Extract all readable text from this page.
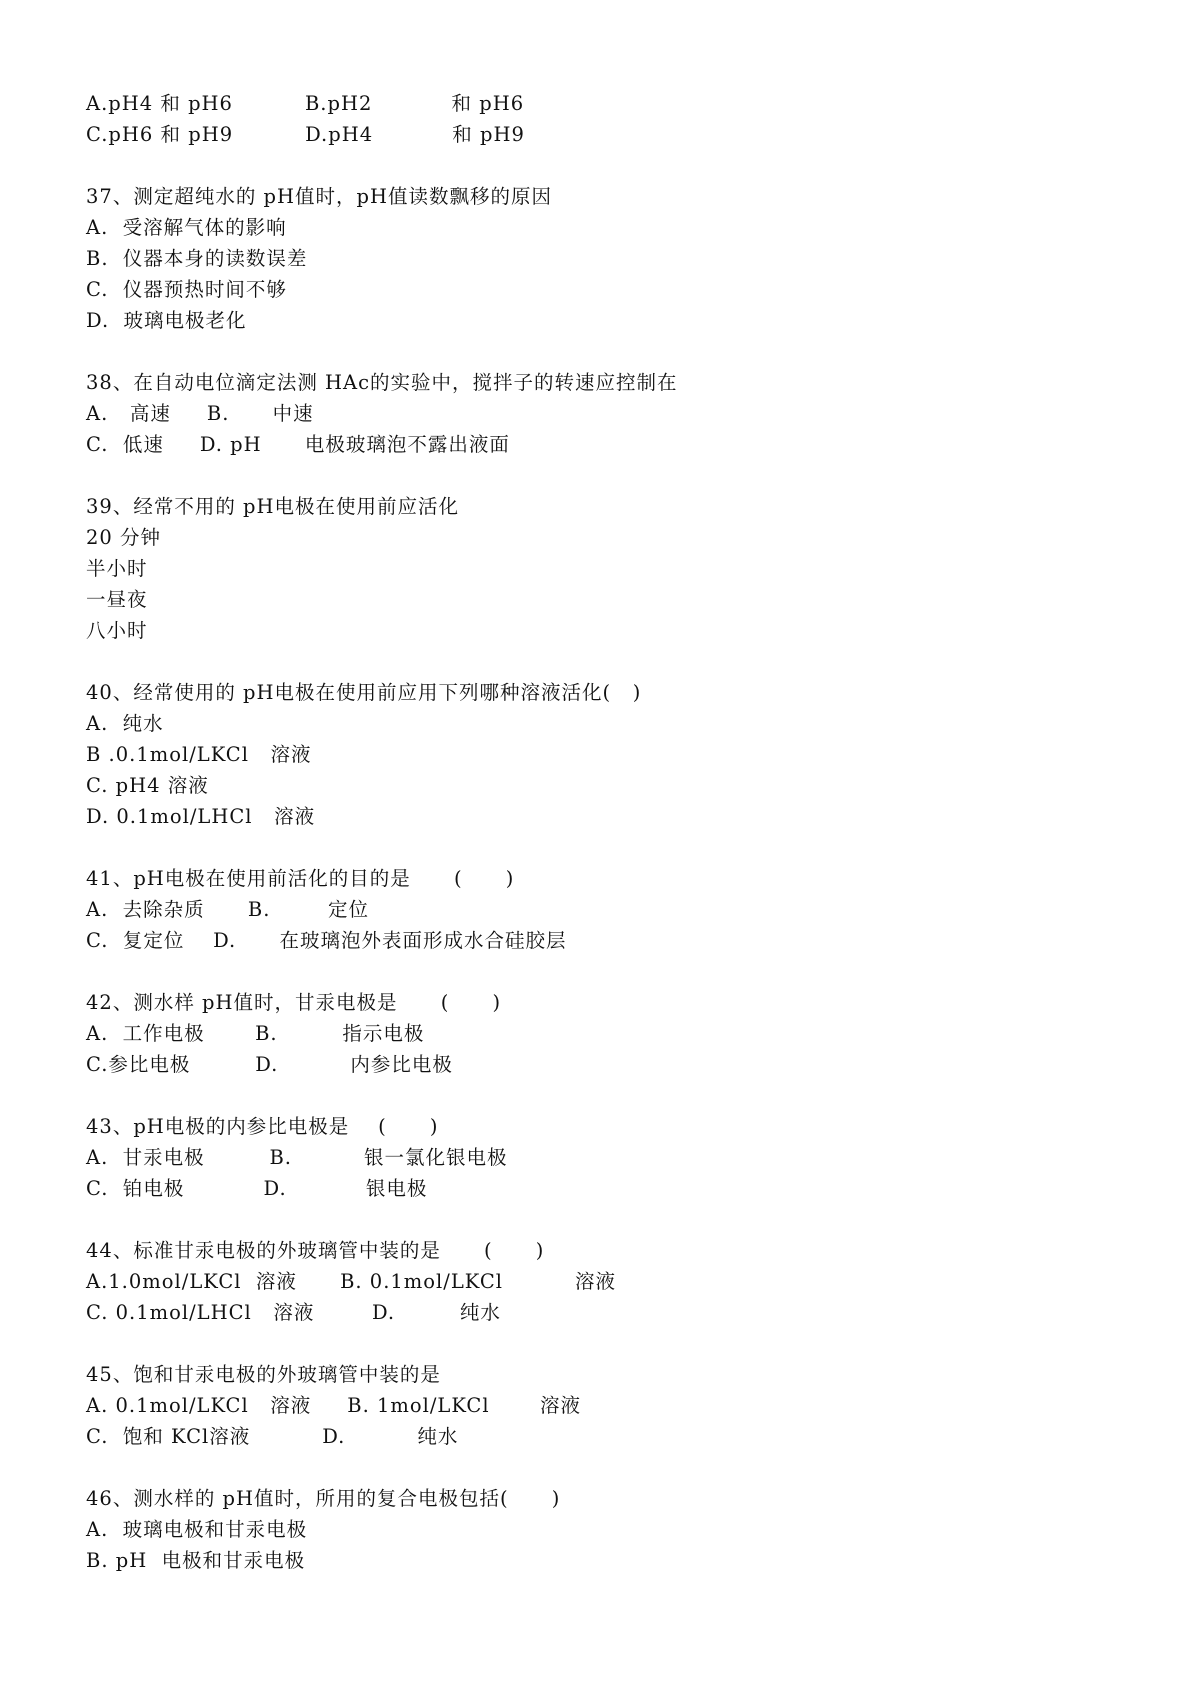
A.pH4 和 pH6          B.pH2           和 pH6
C.pH6 和 pH9          D.pH4           和 pH9
37、测定超纯水的 pH值时，pH值读数飘移的原因
A.  受溶解气体的影响
B.  仪器本身的读数误差
C.  仪器预热时间不够
D.  玻璃电极老化
38、在自动电位滴定法测 HAc的实验中，搅拌子的转速应控制在
A.   高速     B.      中速
C.  低速     D. pH      电极玻璃泡不露出液面
39、经常不用的 pH电极在使用前应活化
20 分钟
半小时
一昼夜
八小时
40、经常使用的 pH电极在使用前应用下列哪种溶液活化(   )
A.  纯水
B .0.1mol/LKCl   溶液
C. pH4 溶液
D. 0.1mol/LHCl   溶液
41、pH电极在使用前活化的目的是      (      )
A.  去除杂质      B.        定位
C.  复定位    D.      在玻璃泡外表面形成水合硅胶层
42、测水样 pH值时，甘汞电极是      (      )
A.  工作电极       B.         指示电极
C.参比电极         D.          内参比电极
43、pH电极的内参比电极是    (      )
A.  甘汞电极         B.          银一氯化银电极
C.  铂电极           D.           银电极
44、标准甘汞电极的外玻璃管中装的是      (      )
A.1.0mol/LKCl  溶液      B. 0.1mol/LKCl          溶液
C. 0.1mol/LHCl   溶液        D.         纯水
45、饱和甘汞电极的外玻璃管中装的是
A. 0.1mol/LKCl   溶液     B. 1mol/LKCl       溶液
C.  饱和 KCl溶液          D.          纯水
46、测水样的 pH值时，所用的复合电极包括(      )
A.  玻璃电极和甘汞电极
B. pH  电极和甘汞电极
